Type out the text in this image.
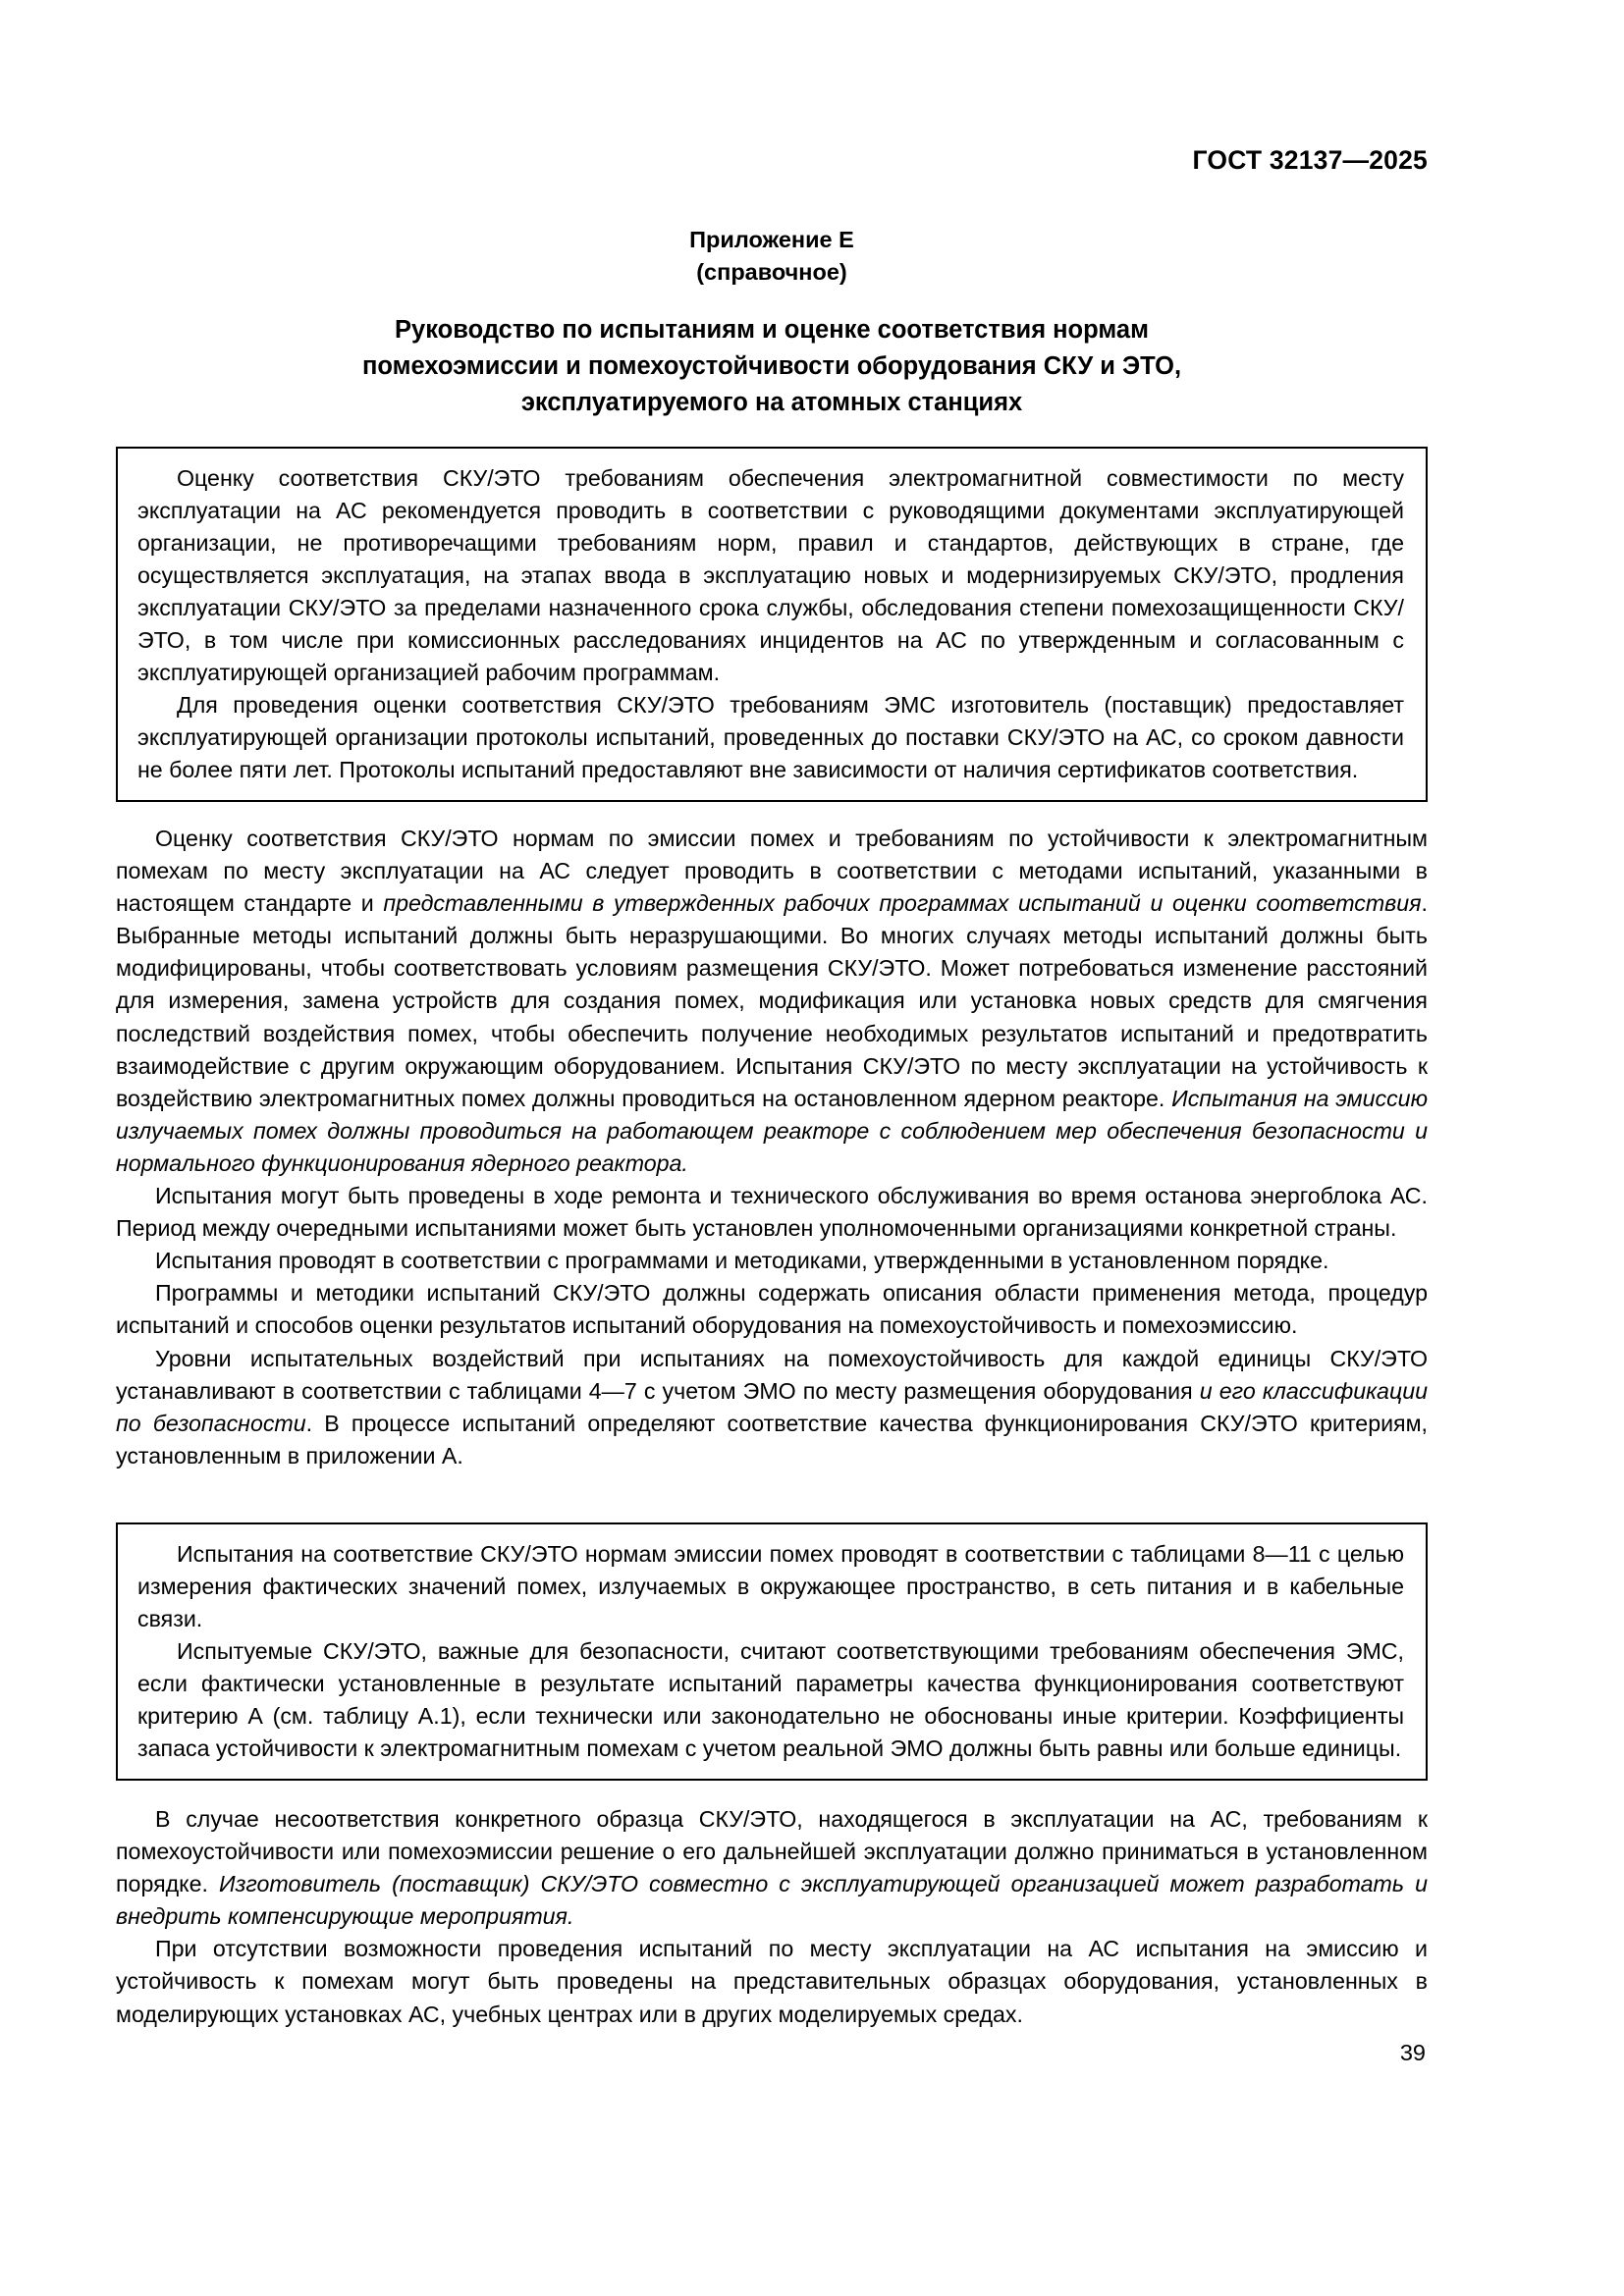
ГОСТ 32137—2025
Приложение Е
(справочное)
Руководство по испытаниям и оценке соответствия нормам
помехоэмиссии и помехоустойчивости оборудования СКУ и ЭТО,
эксплуатируемого на атомных станциях

Оценку соответствия СКУ/ЭТО требованиям обеспечения электромагнитной совместимости по месту эксплуатации на АС рекомендуется проводить в соответствии с руководящими документами эксплуатирующей организации, не противоречащими требованиям норм, правил и стандартов, действующих в стране, где осуществляется эксплуатация, на этапах ввода в эксплуатацию новых и модернизируемых СКУ/ЭТО, продления эксплуатации СКУ/ЭТО за пределами назначенного срока службы, обследования степени помехозащищенности СКУ/ЭТО, в том числе при комиссионных расследованиях инцидентов на АС по утвержденным и согласованным с эксплуатирующей организацией рабочим программам.

Для проведения оценки соответствия СКУ/ЭТО требованиям ЭМС изготовитель (поставщик) предоставляет эксплуатирующей организации протоколы испытаний, проведенных до поставки СКУ/ЭТО на АС, со сроком давности не более пяти лет. Протоколы испытаний предоставляют вне зависимости от наличия сертификатов соответствия.

Оценку соответствия СКУ/ЭТО нормам по эмиссии помех и требованиям по устойчивости к электромагнитным помехам по месту эксплуатации на АС следует проводить в соответствии с методами испытаний, указанными в настоящем стандарте и представленными в утвержденных рабочих программах испытаний и оценки соответствия. Выбранные методы испытаний должны быть неразрушающими. Во многих случаях методы испытаний должны быть модифицированы, чтобы соответствовать условиям размещения СКУ/ЭТО. Может потребоваться изменение расстояний для измерения, замена устройств для создания помех, модификация или установка новых средств для смягчения последствий воздействия помех, чтобы обеспечить получение необходимых результатов испытаний и предотвратить взаимодействие с другим окружающим оборудованием. Испытания СКУ/ЭТО по месту эксплуатации на устойчивость к воздействию электромагнитных помех должны проводиться на остановленном ядерном реакторе. Испытания на эмиссию излучаемых помех должны проводиться на работающем реакторе с соблюдением мер обеспечения безопасности и нормального функционирования ядерного реактора.

Испытания могут быть проведены в ходе ремонта и технического обслуживания во время останова энергоблока АС. Период между очередными испытаниями может быть установлен уполномоченными организациями конкретной страны.

Испытания проводят в соответствии с программами и методиками, утвержденными в установленном порядке.

Программы и методики испытаний СКУ/ЭТО должны содержать описания области применения метода, процедур испытаний и способов оценки результатов испытаний оборудования на помехоустойчивость и помехоэмиссию.

Уровни испытательных воздействий при испытаниях на помехоустойчивость для каждой единицы СКУ/ЭТО устанавливают в соответствии с таблицами 4—7 с учетом ЭМО по месту размещения оборудования и его классификации по безопасности. В процессе испытаний определяют соответствие качества функционирования СКУ/ЭТО критериям, установленным в приложении А.

Испытания на соответствие СКУ/ЭТО нормам эмиссии помех проводят в соответствии с таблицами 8—11 с целью измерения фактических значений помех, излучаемых в окружающее пространство, в сеть питания и в кабельные связи.

Испытуемые СКУ/ЭТО, важные для безопасности, считают соответствующими требованиям обеспечения ЭМС, если фактически установленные в результате испытаний параметры качества функционирования соответствуют критерию А (см. таблицу А.1), если технически или законодательно не обоснованы иные критерии. Коэффициенты запаса устойчивости к электромагнитным помехам с учетом реальной ЭМО должны быть равны или больше единицы.

В случае несоответствия конкретного образца СКУ/ЭТО, находящегося в эксплуатации на АС, требованиям к помехоустойчивости или помехоэмиссии решение о его дальнейшей эксплуатации должно приниматься в установленном порядке. Изготовитель (поставщик) СКУ/ЭТО совместно с эксплуатирующей организацией может разработать и внедрить компенсирующие мероприятия.

При отсутствии возможности проведения испытаний по месту эксплуатации на АС испытания на эмиссию и устойчивость к помехам могут быть проведены на представительных образцах оборудования, установленных в моделирующих установках АС, учебных центрах или в других моделируемых средах.

39
